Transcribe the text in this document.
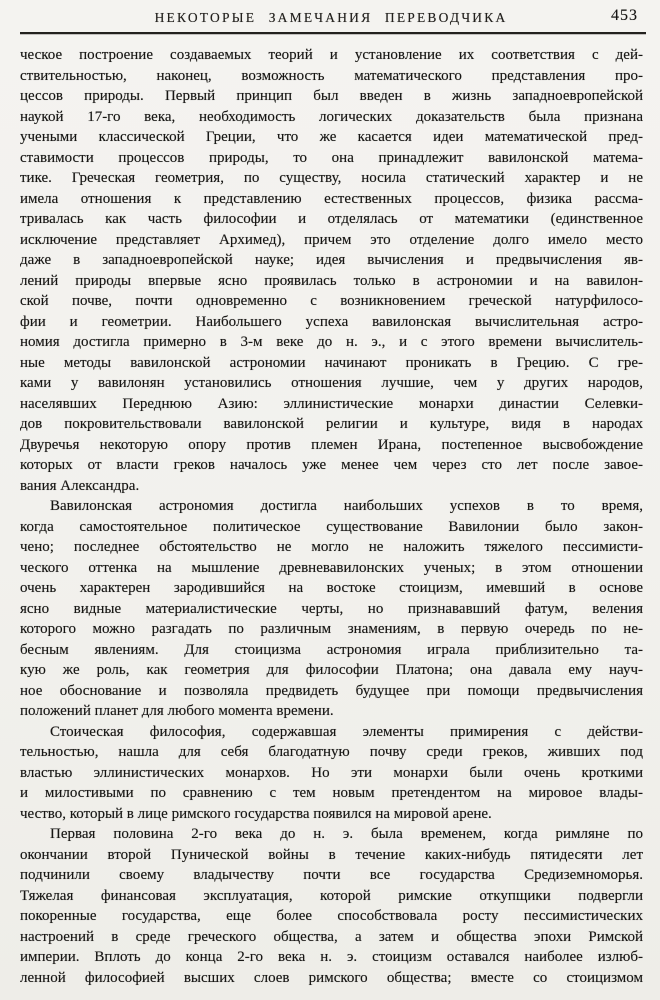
НЕКОТОРЫЕ ЗАМЕЧАНИЯ ПЕРЕВОДЧИКА	453
ческое построение создаваемых теорий и установление их соответствия с дей-
ствительностью, наконец, возможность математического представления про-
цессов природы. Первый принцип был введен в жизнь западноевропейской
наукой 17-го века, необходимость логических доказательств была признана
учеными классической Греции, что же касается идеи математической пред-
ставимости процессов природы, то она принадлежит вавилонской матема-
тике. Греческая геометрия, по существу, носила статический характер и не
имела отношения к представлению естественных процессов, физика рассма-
тривалась как часть философии и отделялась от математики (единственное
исключение представляет Архимед), причем это отделение долго имело место
даже в западноевропейской науке; идея вычисления и предвычисления яв-
лений природы впервые ясно проявилась только в астрономии и на вавилон-
ской почве, почти одновременно с возникновением греческой натурфилосо-
фии и геометрии. Наибольшего успеха вавилонская вычислительная астро-
номия достигла примерно в 3-м веке до н. э., и с этого времени вычислитель-
ные методы вавилонской астрономии начинают проникать в Грецию. С гре-
ками у вавилонян установились отношения лучшие, чем у других народов,
населявших Переднюю Азию: эллинистические монархи династии Селевки-
дов покровительствовали вавилонской религии и культуре, видя в народах
Двуречья некоторую опору против племен Ирана, постепенное высвобождение
которых от власти греков началось уже менее чем через сто лет после завое-
вания Александра.
Вавилонская астрономия достигла наибольших успехов в то время,
когда самостоятельное политическое существование Вавилонии было закон-
чено; последнее обстоятельство не могло не наложить тяжелого пессимисти-
ческого оттенка на мышление древневавилонских ученых; в этом отношении
очень характерен зародившийся на востоке стоицизм, имевший в основе
ясно видные материалистические черты, но признававший фатум, веления
которого можно разгадать по различным знамениям, в первую очередь по не-
бесным явлениям. Для стоицизма астрономия играла приблизительно та-
кую же роль, как геометрия для философии Платона; она давала ему науч-
ное обоснование и позволяла предвидеть будущее при помощи предвычисления
положений планет для любого момента времени.
Стоическая философия, содержавшая элементы примирения с действи-
тельностью, нашла для себя благодатную почву среди греков, живших под
властью эллинистических монархов. Но эти монархи были очень кроткими
и милостивыми по сравнению с тем новым претендентом на мировое влады-
чество, который в лице римского государства появился на мировой арене.
Первая половина 2-го века до н. э. была временем, когда римляне по
окончании второй Пунической войны в течение каких-нибудь пятидесяти лет
подчинили своему владычеству почти все государства Средиземноморья.
Тяжелая финансовая эксплуатация, которой римские откупщики подвергли
покоренные государства, еще более способствовала росту пессимистических
настроений в среде греческого общества, а затем и общества эпохи Римской
империи. Вплоть до конца 2-го века н. э. стоицизм оставался наиболее излюб-
ленной философией высших слоев римского общества; вместе со стоицизмом
